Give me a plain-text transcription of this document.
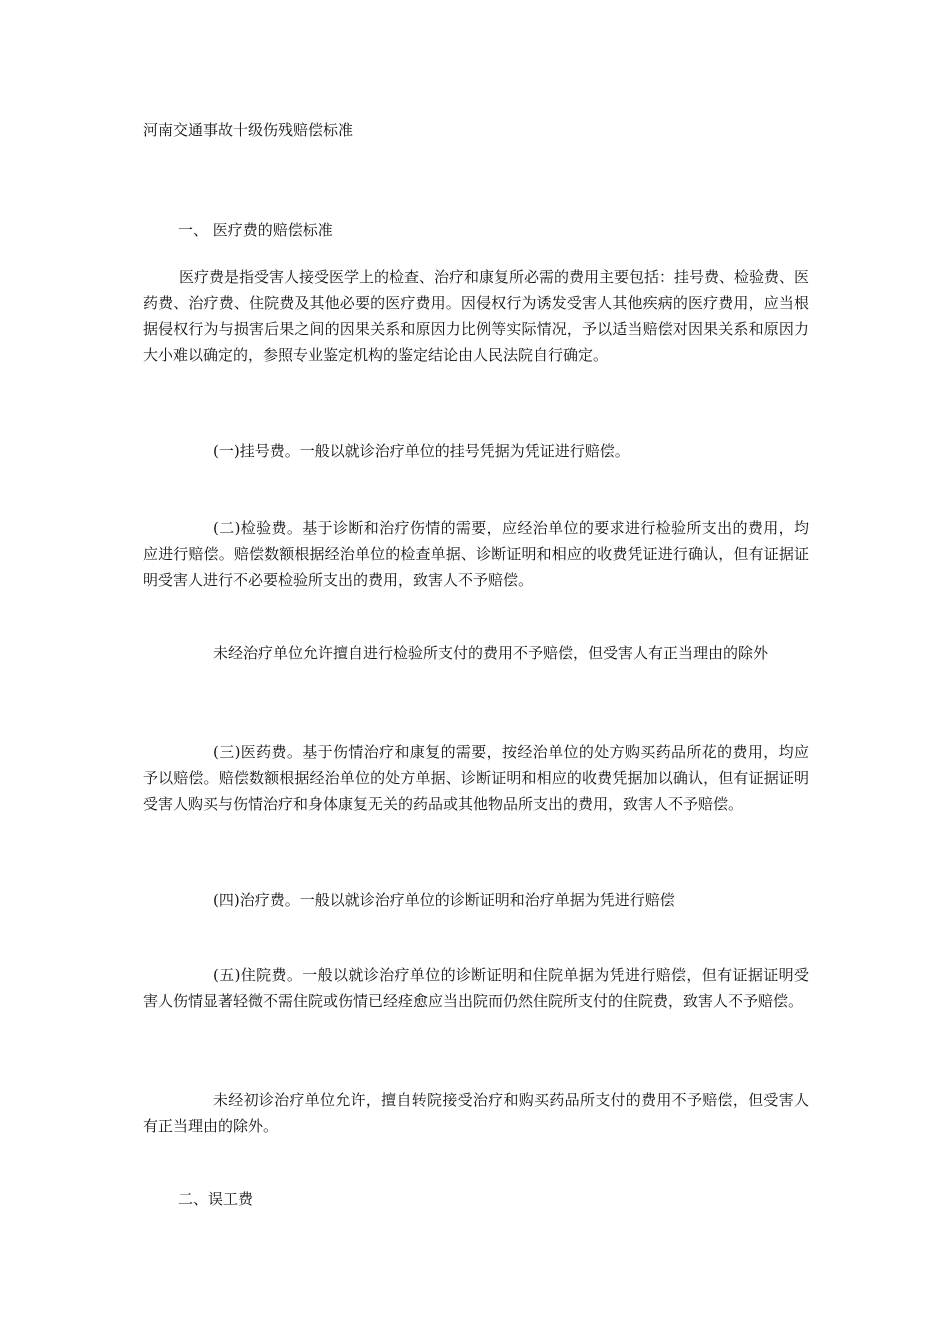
河南交通事故十级伤残赔偿标准
一、 医疗费的赔偿标准
医疗费是指受害人接受医学上的检查、治疗和康复所必需的费用主要包括：挂号费、检验费、医药费、治疗费、住院费及其他必要的医疗费用。因侵权行为诱发受害人其他疾病的医疗费用，应当根据侵权行为与损害后果之间的因果关系和原因力比例等实际情况，予以适当赔偿对因果关系和原因力大小难以确定的，参照专业鉴定机构的鉴定结论由人民法院自行确定。
(一)挂号费。一般以就诊治疗单位的挂号凭据为凭证进行赔偿。
(二)检验费。基于诊断和治疗伤情的需要，应经治单位的要求进行检验所支出的费用，均应进行赔偿。赔偿数额根据经治单位的检查单据、诊断证明和相应的收费凭证进行确认，但有证据证明受害人进行不必要检验所支出的费用，致害人不予赔偿。
未经治疗单位允许擅自进行检验所支付的费用不予赔偿，但受害人有正当理由的除外
(三)医药费。基于伤情治疗和康复的需要，按经治单位的处方购买药品所花的费用，均应予以赔偿。赔偿数额根据经治单位的处方单据、诊断证明和相应的收费凭据加以确认，但有证据证明受害人购买与伤情治疗和身体康复无关的药品或其他物品所支出的费用，致害人不予赔偿。
(四)治疗费。一般以就诊治疗单位的诊断证明和治疗单据为凭进行赔偿
(五)住院费。一般以就诊治疗单位的诊断证明和住院单据为凭进行赔偿，但有证据证明受害人伤情显著轻微不需住院或伤情已经痊愈应当出院而仍然住院所支付的住院费，致害人不予赔偿。
未经初诊治疗单位允许，擅自转院接受治疗和购买药品所支付的费用不予赔偿，但受害人有正当理由的除外。
二、误工费
